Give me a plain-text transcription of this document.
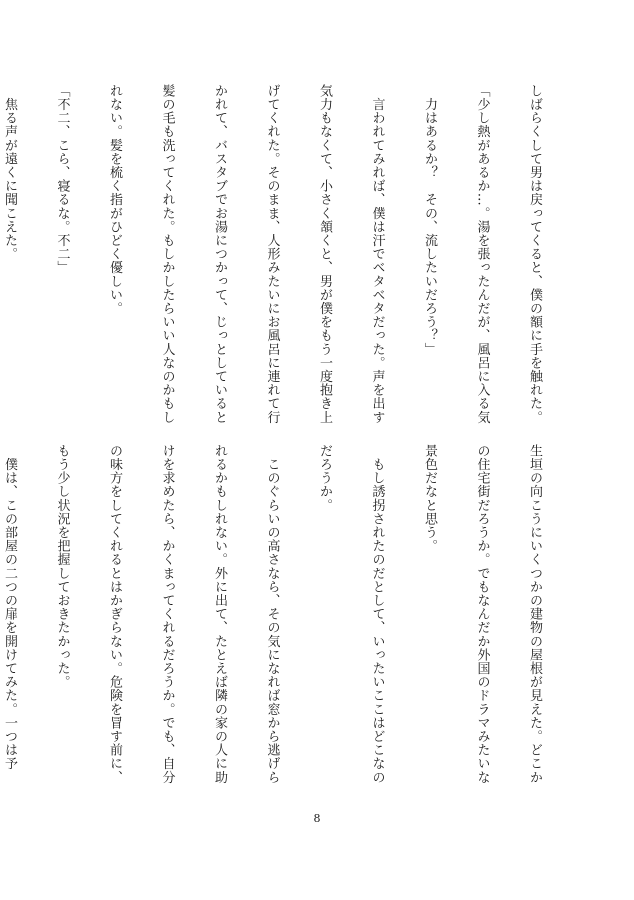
しばらくして男は戻ってくると、僕の額に手を触れた。

「少し熱があるか…。湯を張ったんだが、風呂に入る気

　力はあるか？　その、流したいだろう？」

　言われてみれば、僕は汗でベタベタだった。声を出す

気力もなくて、小さく頷くと、男が僕をもう一度抱き上

げてくれた。そのまま、人形みたいにお風呂に連れて行

かれて、バスタブでお湯につかって、じっとしていると

髪の毛も洗ってくれた。もしかしたらいい人なのかもし

れない。髪を梳く指がひどく優しい。

「不二、こら、寝るな。不二」

　焦る声が遠くに聞こえた。

生垣の向こうにいくつかの建物の屋根が見えた。どこか

の住宅街だろうか。でもなんだか外国のドラマみたいな

景色だなと思う。

　もし誘拐されたのだとして、いったいここはどこなの

だろうか。

　このぐらいの高さなら、その気になれば窓から逃げら

れるかもしれない。外に出て、たとえば隣の家の人に助

けを求めたら、かくまってくれるだろうか。でも、自分

の味方をしてくれるとはかぎらない。危険を冒す前に、

もう少し状況を把握しておきたかった。

　僕は、この部屋の二つの扉を開けてみた。一つは予

8
